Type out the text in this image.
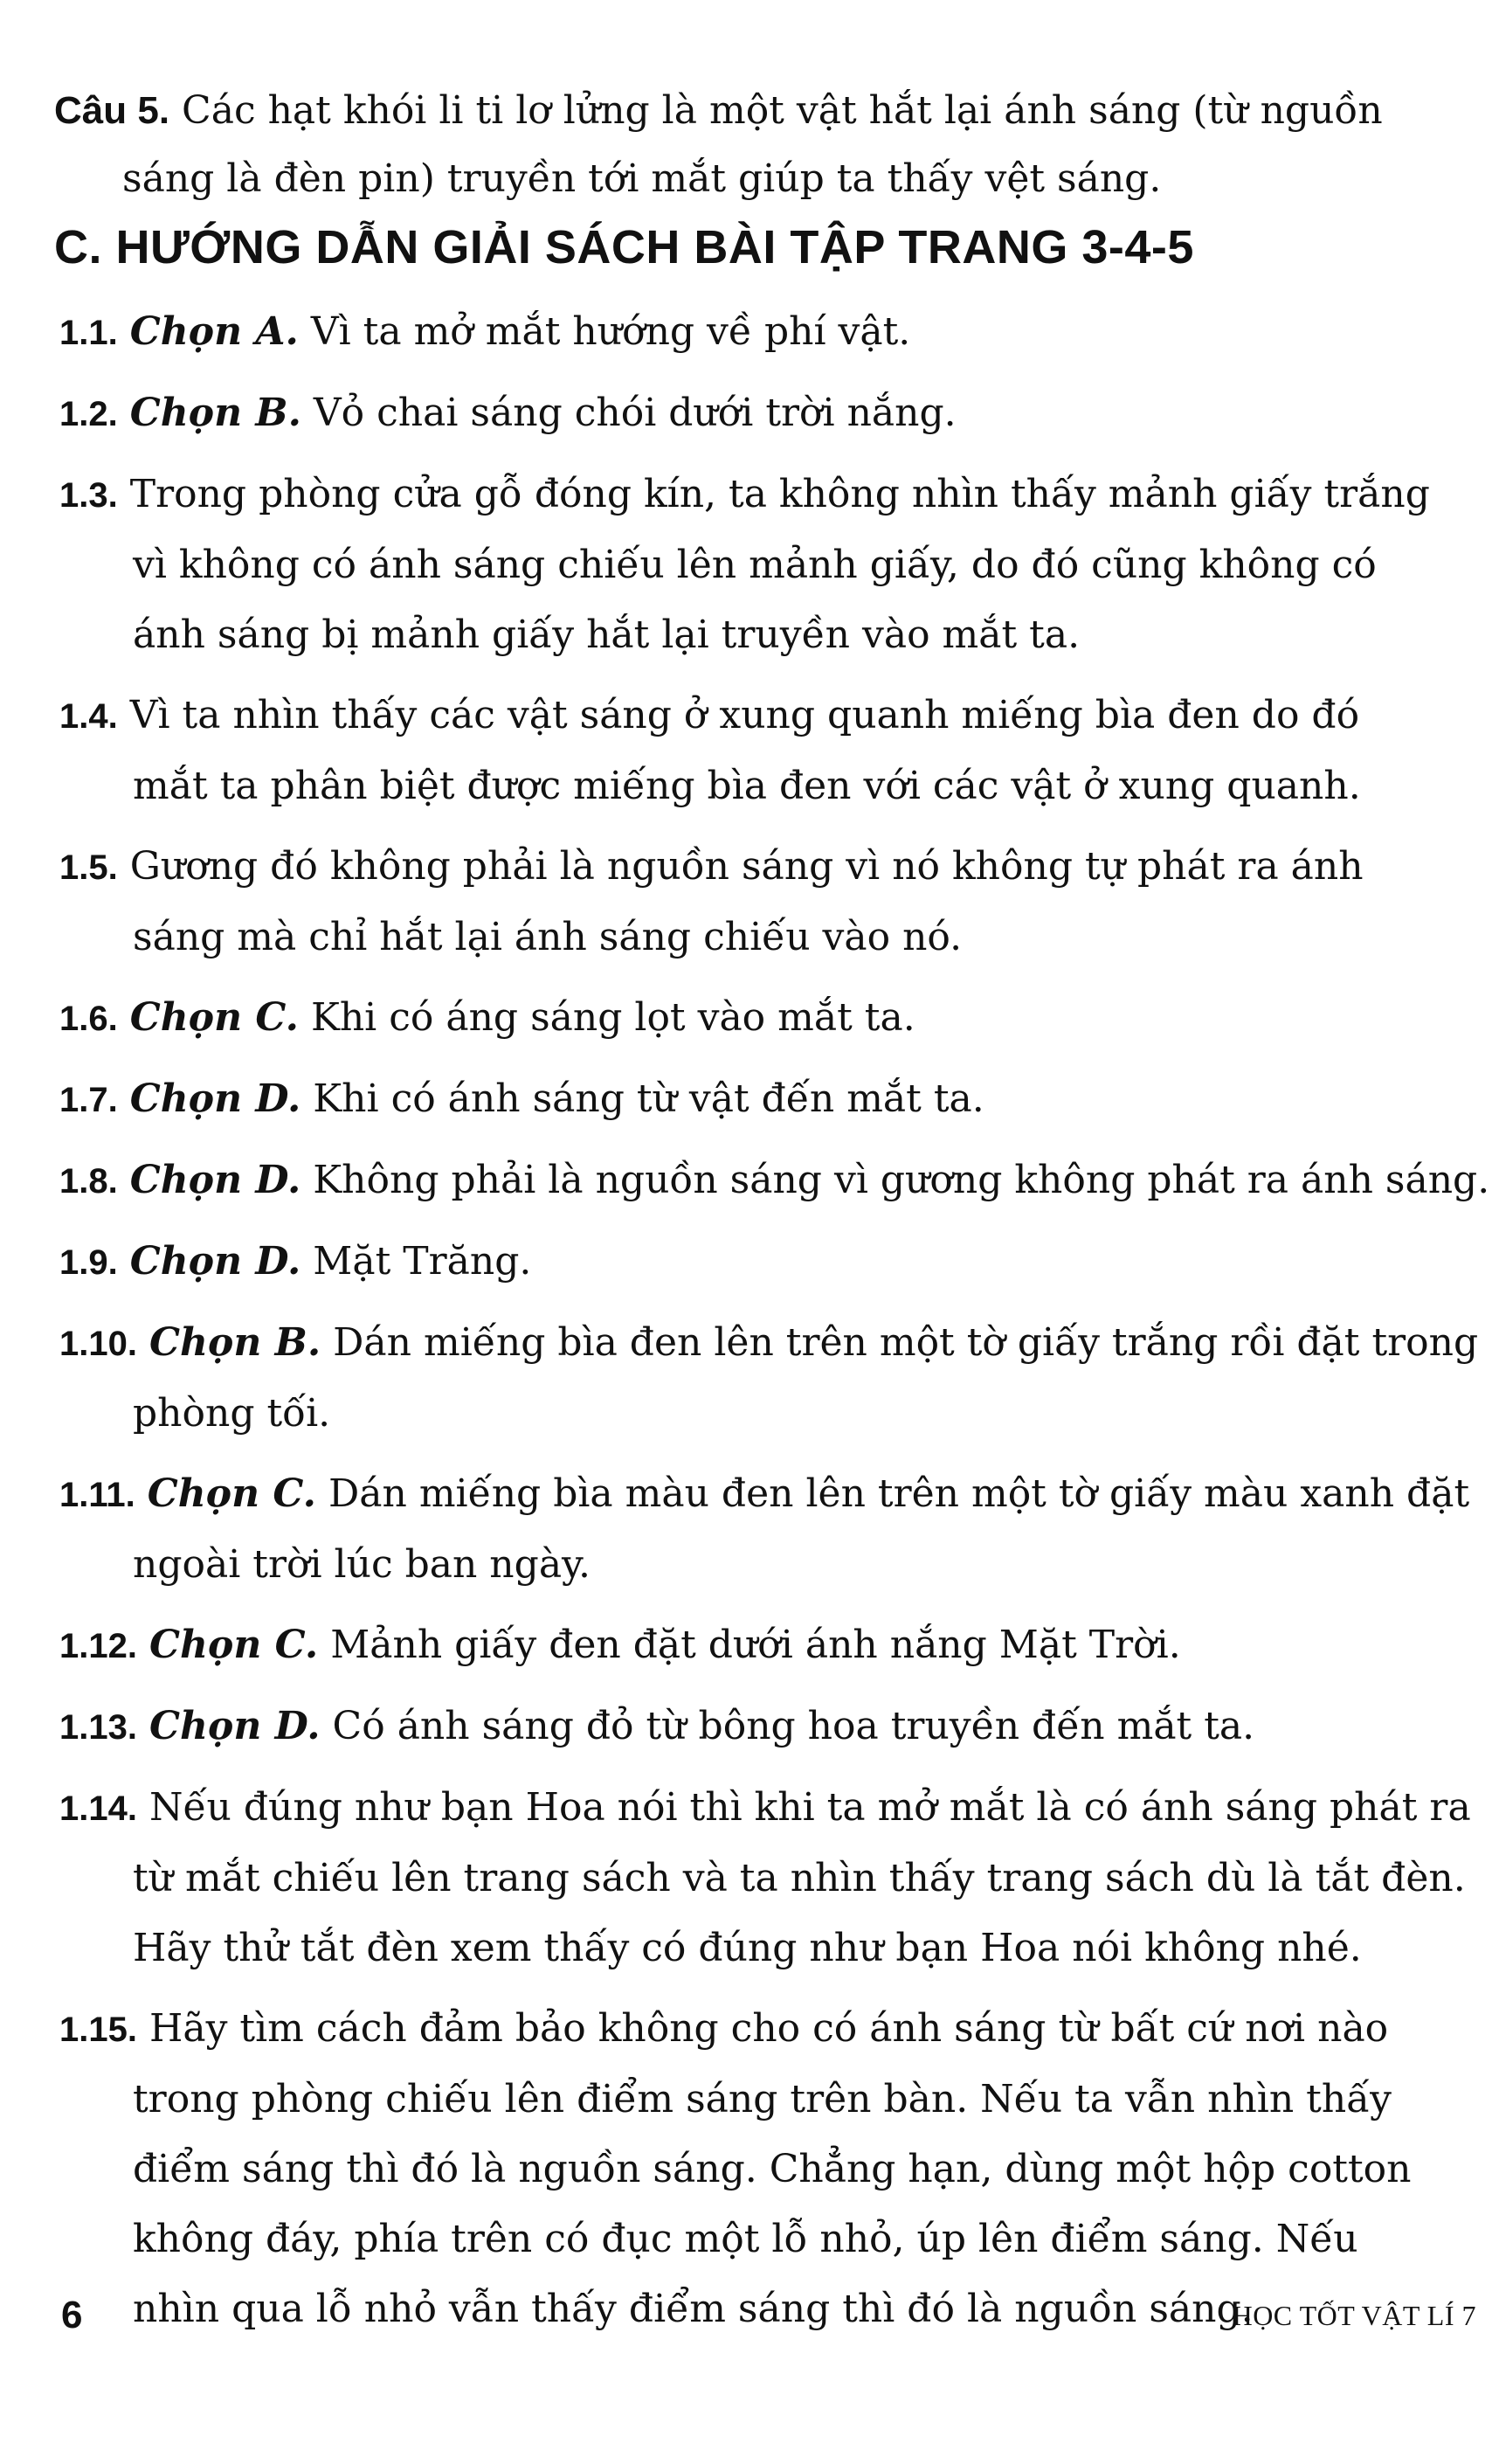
Câu 5. Các hạt khói li ti lơ lửng là một vật hắt lại ánh sáng (từ nguồn
sáng là đèn pin) truyền tới mắt giúp ta thấy vệt sáng.
C. HƯỚNG DẪN GIẢI SÁCH BÀI TẬP TRANG 3-4-5
1.1. Chọn A. Vì ta mở mắt hướng về phí vật.
1.2. Chọn B. Vỏ chai sáng chói dưới trời nắng.
1.3. Trong phòng cửa gỗ đóng kín, ta không nhìn thấy mảnh giấy trắng
vì không có ánh sáng chiếu lên mảnh giấy, do đó cũng không có
ánh sáng bị mảnh giấy hắt lại truyền vào mắt ta.
1.4. Vì ta nhìn thấy các vật sáng ở xung quanh miếng bìa đen do đó
mắt ta phân biệt được miếng bìa đen với các vật ở xung quanh.
1.5. Gương đó không phải là nguồn sáng vì nó không tự phát ra ánh
sáng mà chỉ hắt lại ánh sáng chiếu vào nó.
1.6. Chọn C. Khi có áng sáng lọt vào mắt ta.
1.7. Chọn D. Khi có ánh sáng từ vật đến mắt ta.
1.8. Chọn D. Không phải là nguồn sáng vì gương không phát ra ánh sáng.
1.9. Chọn D. Mặt Trăng.
1.10. Chọn B. Dán miếng bìa đen lên trên một tờ giấy trắng rồi đặt trong
phòng tối.
1.11. Chọn C. Dán miếng bìa màu đen lên trên một tờ giấy màu xanh đặt
ngoài trời lúc ban ngày.
1.12. Chọn C. Mảnh giấy đen đặt dưới ánh nắng Mặt Trời.
1.13. Chọn D. Có ánh sáng đỏ từ bông hoa truyền đến mắt ta.
1.14. Nếu đúng như bạn Hoa nói thì khi ta mở mắt là có ánh sáng phát ra
từ mắt chiếu lên trang sách và ta nhìn thấy trang sách dù là tắt đèn.
Hãy thử tắt đèn xem thấy có đúng như bạn Hoa nói không nhé.
1.15. Hãy tìm cách đảm bảo không cho có ánh sáng từ bất cứ nơi nào
trong phòng chiếu lên điểm sáng trên bàn. Nếu ta vẫn nhìn thấy
điểm sáng thì đó là nguồn sáng. Chẳng hạn, dùng một hộp cotton
không đáy, phía trên có đục một lỗ nhỏ, úp lên điểm sáng. Nếu
nhìn qua lỗ nhỏ vẫn thấy điểm sáng thì đó là nguồn sáng.
6	HỌC TỐT VẬT LÍ 7
